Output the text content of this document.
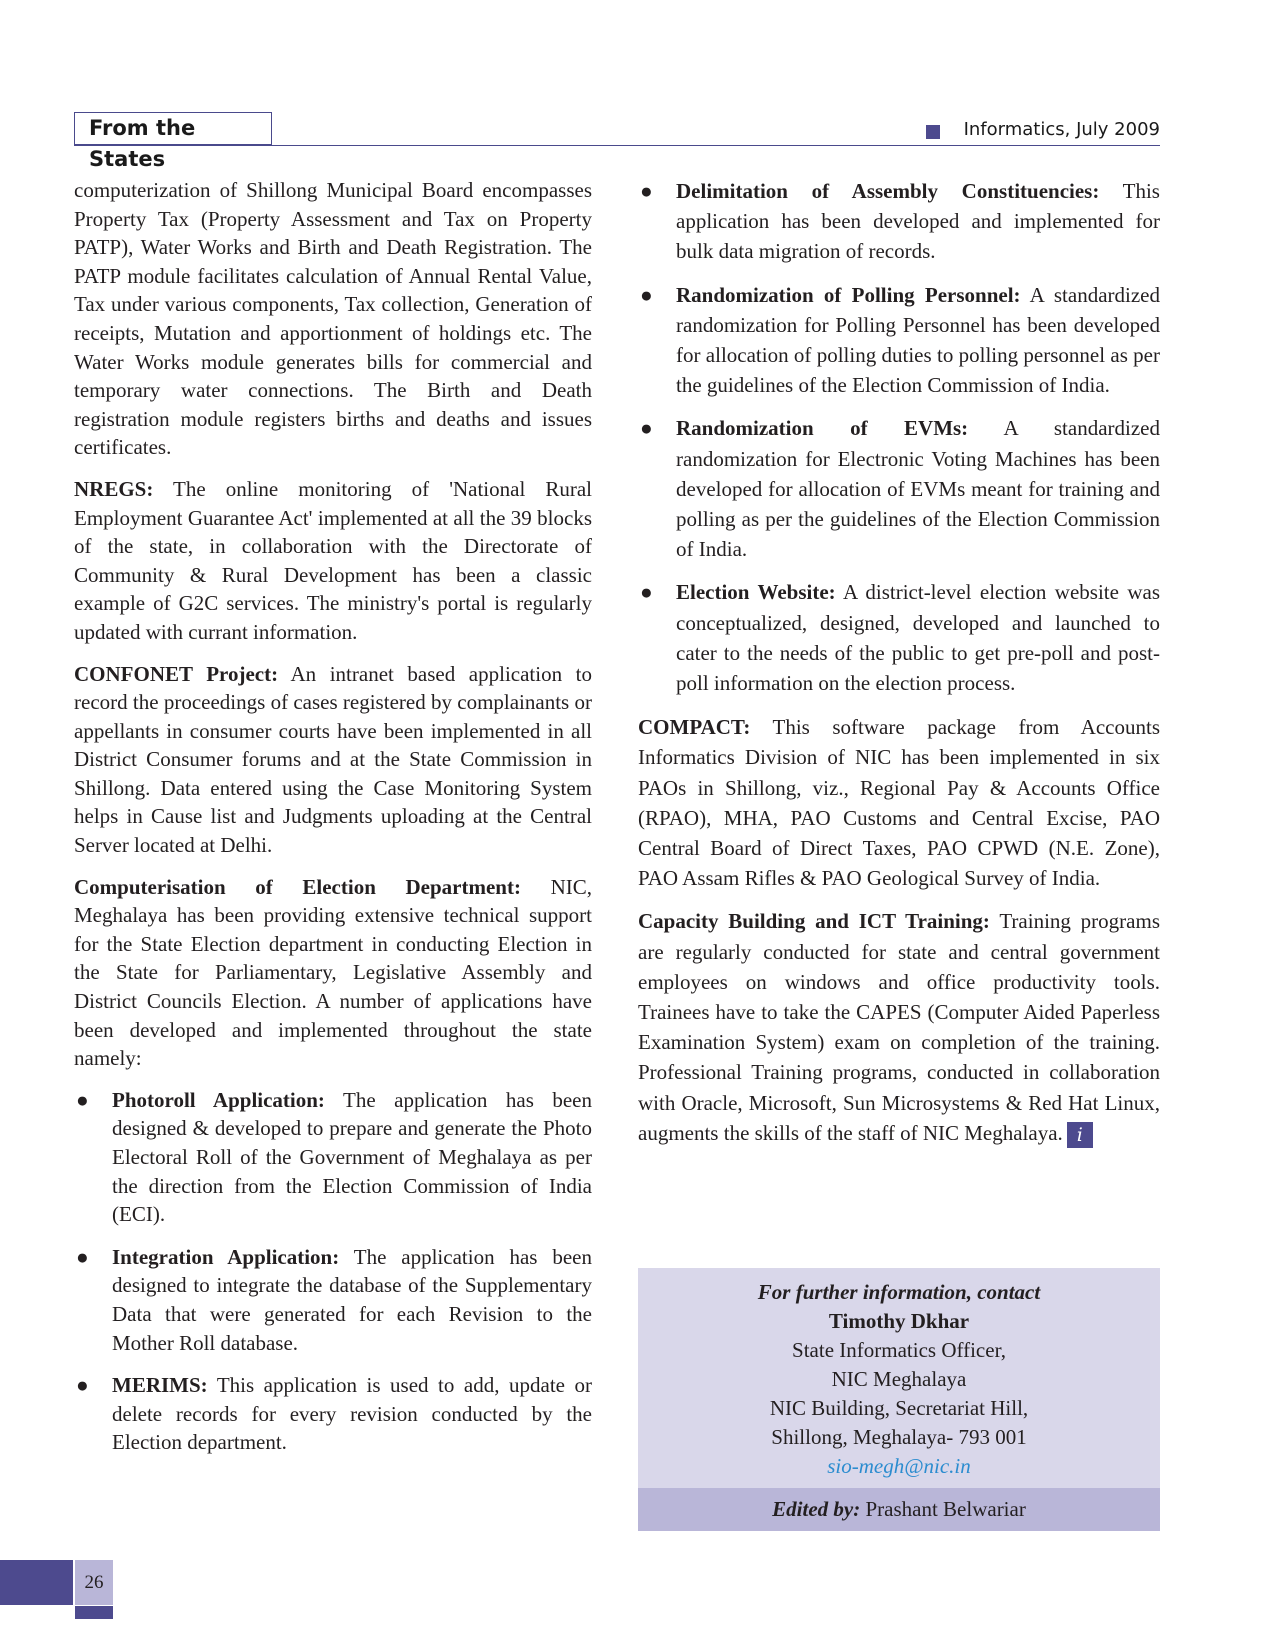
From the States
Informatics, July 2009

computerization of Shillong Municipal Board encompasses Property Tax (Property Assessment and Tax on Property PATP), Water Works and Birth and Death Registration. The PATP module facilitates calculation of Annual Rental Value, Tax under various components, Tax collection, Generation of receipts, Mutation and apportionment of holdings etc. The Water Works module generates bills for commercial and temporary water connections. The Birth and Death registration module registers births and deaths and issues certificates.

NREGS: The online monitoring of 'National Rural Employment Guarantee Act' implemented at all the 39 blocks of the state, in collaboration with the Directorate of Community & Rural Development has been a classic example of G2C services. The ministry's portal is regularly updated with currant information.

CONFONET Project: An intranet based application to record the proceedings of cases registered by complainants or appellants in consumer courts have been implemented in all District Consumer forums and at the State Commission in Shillong. Data entered using the Case Monitoring System helps in Cause list and Judgments uploading at the Central Server located at Delhi.

Computerisation of Election Department: NIC, Meghalaya has been providing extensive technical support for the State Election department in conducting Election in the State for Parliamentary, Legislative Assembly and District Councils Election. A number of applications have been developed and implemented throughout the state namely:

● Photoroll Application: The application has been designed & developed to prepare and generate the Photo Electoral Roll of the Government of Meghalaya as per the direction from the Election Commission of India (ECI).
● Integration Application: The application has been designed to integrate the database of the Supplementary Data that were generated for each Revision to the Mother Roll database.
● MERIMS: This application is used to add, update or delete records for every revision conducted by the Election department.
● Delimitation of Assembly Constituencies: This application has been developed and implemented for bulk data migration of records.
● Randomization of Polling Personnel: A standardized randomization for Polling Personnel has been developed for allocation of polling duties to polling personnel as per the guidelines of the Election Commission of India.
● Randomization of EVMs: A standardized randomization for Electronic Voting Machines has been developed for allocation of EVMs meant for training and polling as per the guidelines of the Election Commission of India.
● Election Website: A district-level election website was conceptualized, designed, developed and launched to cater to the needs of the public to get pre-poll and post-poll information on the election process.

COMPACT: This software package from Accounts Informatics Division of NIC has been implemented in six PAOs in Shillong, viz., Regional Pay & Accounts Office (RPAO), MHA, PAO Customs and Central Excise, PAO Central Board of Direct Taxes, PAO CPWD (N.E. Zone), PAO Assam Rifles & PAO Geological Survey of India.

Capacity Building and ICT Training: Training programs are regularly conducted for state and central government employees on windows and office productivity tools. Trainees have to take the CAPES (Computer Aided Paperless Examination System) exam on completion of the training. Professional Training programs, conducted in collaboration with Oracle, Microsoft, Sun Microsystems & Red Hat Linux, augments the skills of the staff of NIC Meghalaya. i

For further information, contact
Timothy Dkhar
State Informatics Officer,
NIC Meghalaya
NIC Building, Secretariat Hill,
Shillong, Meghalaya- 793 001
sio-megh@nic.in
Edited by: Prashant Belwariar
26
